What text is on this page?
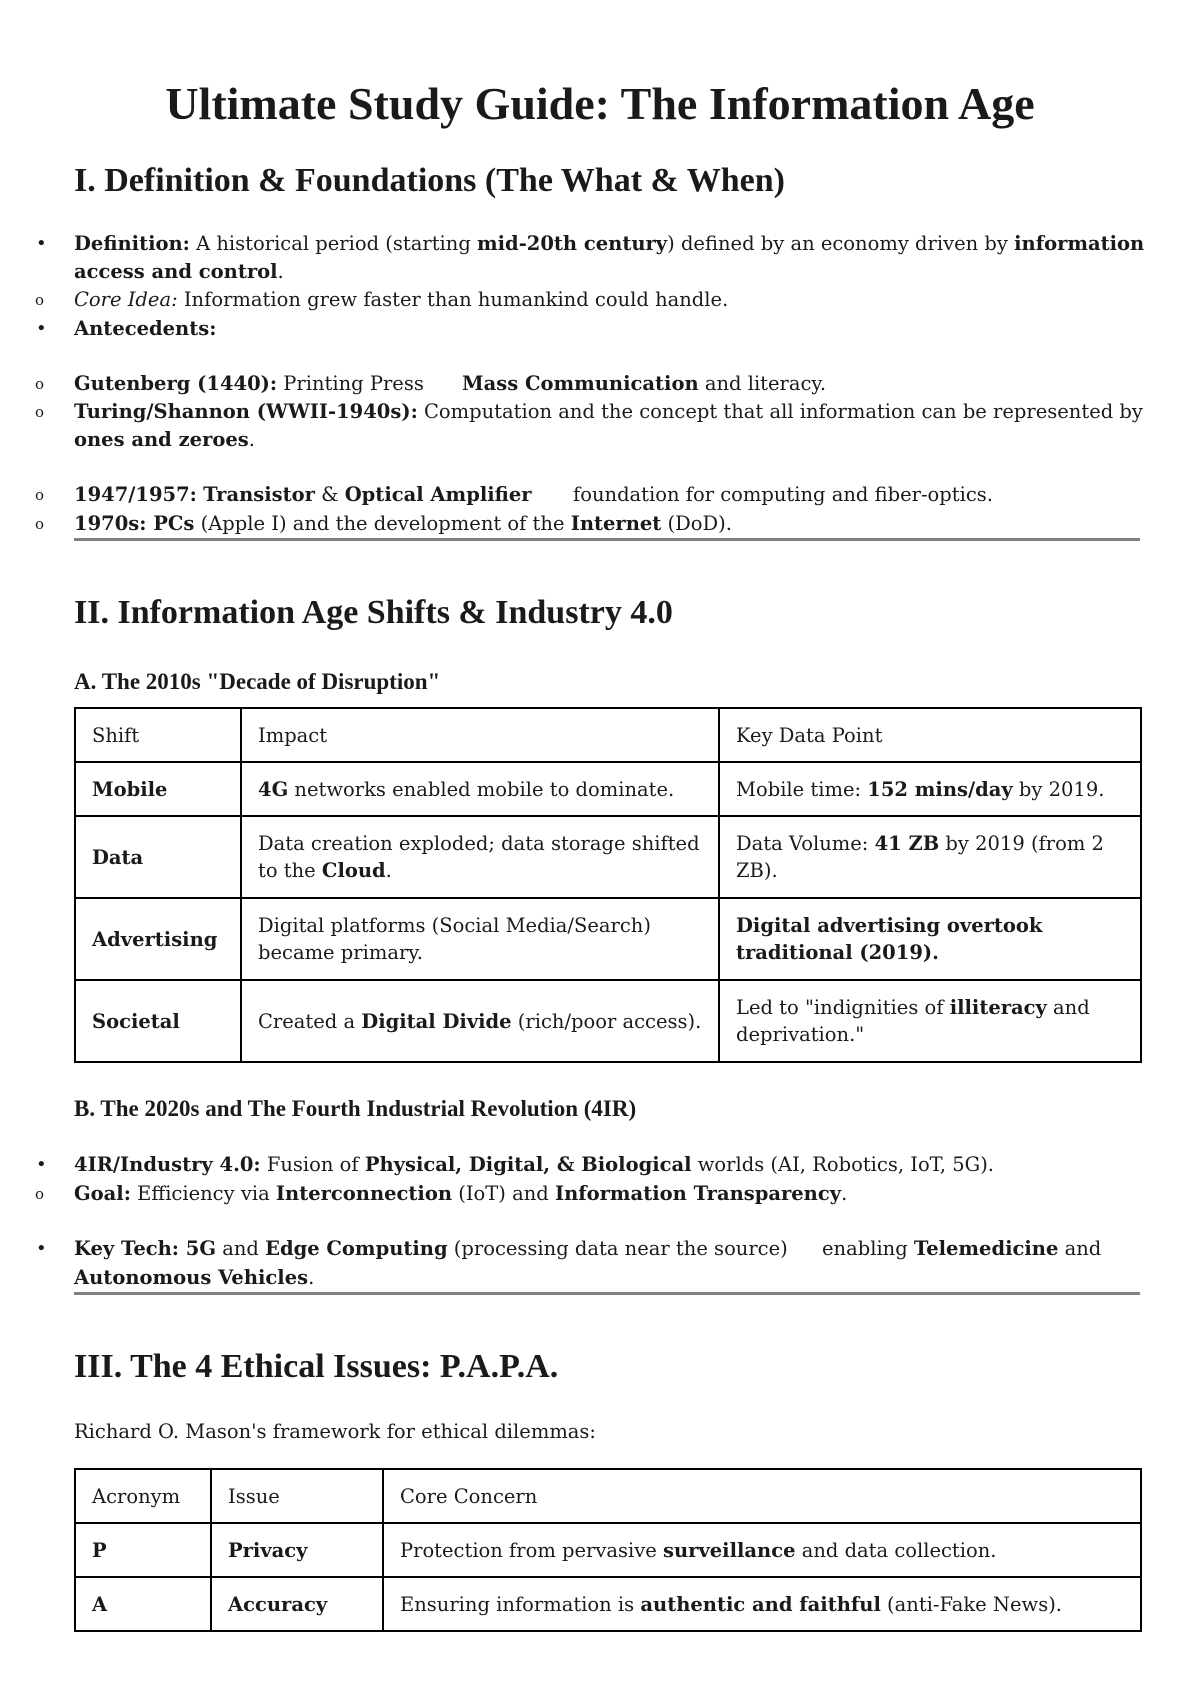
Ultimate Study Guide: The Information Age
I. Definition & Foundations (The What & When)
• Definition: A historical period (starting mid-20th century) defined by an economy driven by information
access and control.
o Core Idea: Information grew faster than humankind could handle.
• Antecedents:
o Gutenberg (1440): Printing Press Mass Communication and literacy.
o Turing/Shannon (WWII-1940s): Computation and the concept that all information can be represented by
ones and zeroes.
o 1947/1957: Transistor & Optical Amplifier foundation for computing and fiber-optics.
o 1970s: PCs (Apple I) and the development of the Internet (DoD).
II. Information Age Shifts & Industry 4.0
A. The 2010s "Decade of Disruption"
Shift	Impact	Key Data Point
Mobile	4G networks enabled mobile to dominate.	Mobile time: 152 mins/day by 2019.
Data	Data creation exploded; data storage shifted to the Cloud.	Data Volume: 41 ZB by 2019 (from 2 ZB).
Advertising	Digital platforms (Social Media/Search) became primary.	Digital advertising overtook traditional (2019).
Societal	Created a Digital Divide (rich/poor access).	Led to "indignities of illiteracy and deprivation."
B. The 2020s and The Fourth Industrial Revolution (4IR)
• 4IR/Industry 4.0: Fusion of Physical, Digital, & Biological worlds (AI, Robotics, IoT, 5G).
o Goal: Efficiency via Interconnection (IoT) and Information Transparency.
• Key Tech: 5G and Edge Computing (processing data near the source) enabling Telemedicine and
Autonomous Vehicles.
III. The 4 Ethical Issues: P.A.P.A.
Richard O. Mason's framework for ethical dilemmas:
Acronym	Issue	Core Concern
P	Privacy	Protection from pervasive surveillance and data collection.
A	Accuracy	Ensuring information is authentic and faithful (anti-Fake News).
